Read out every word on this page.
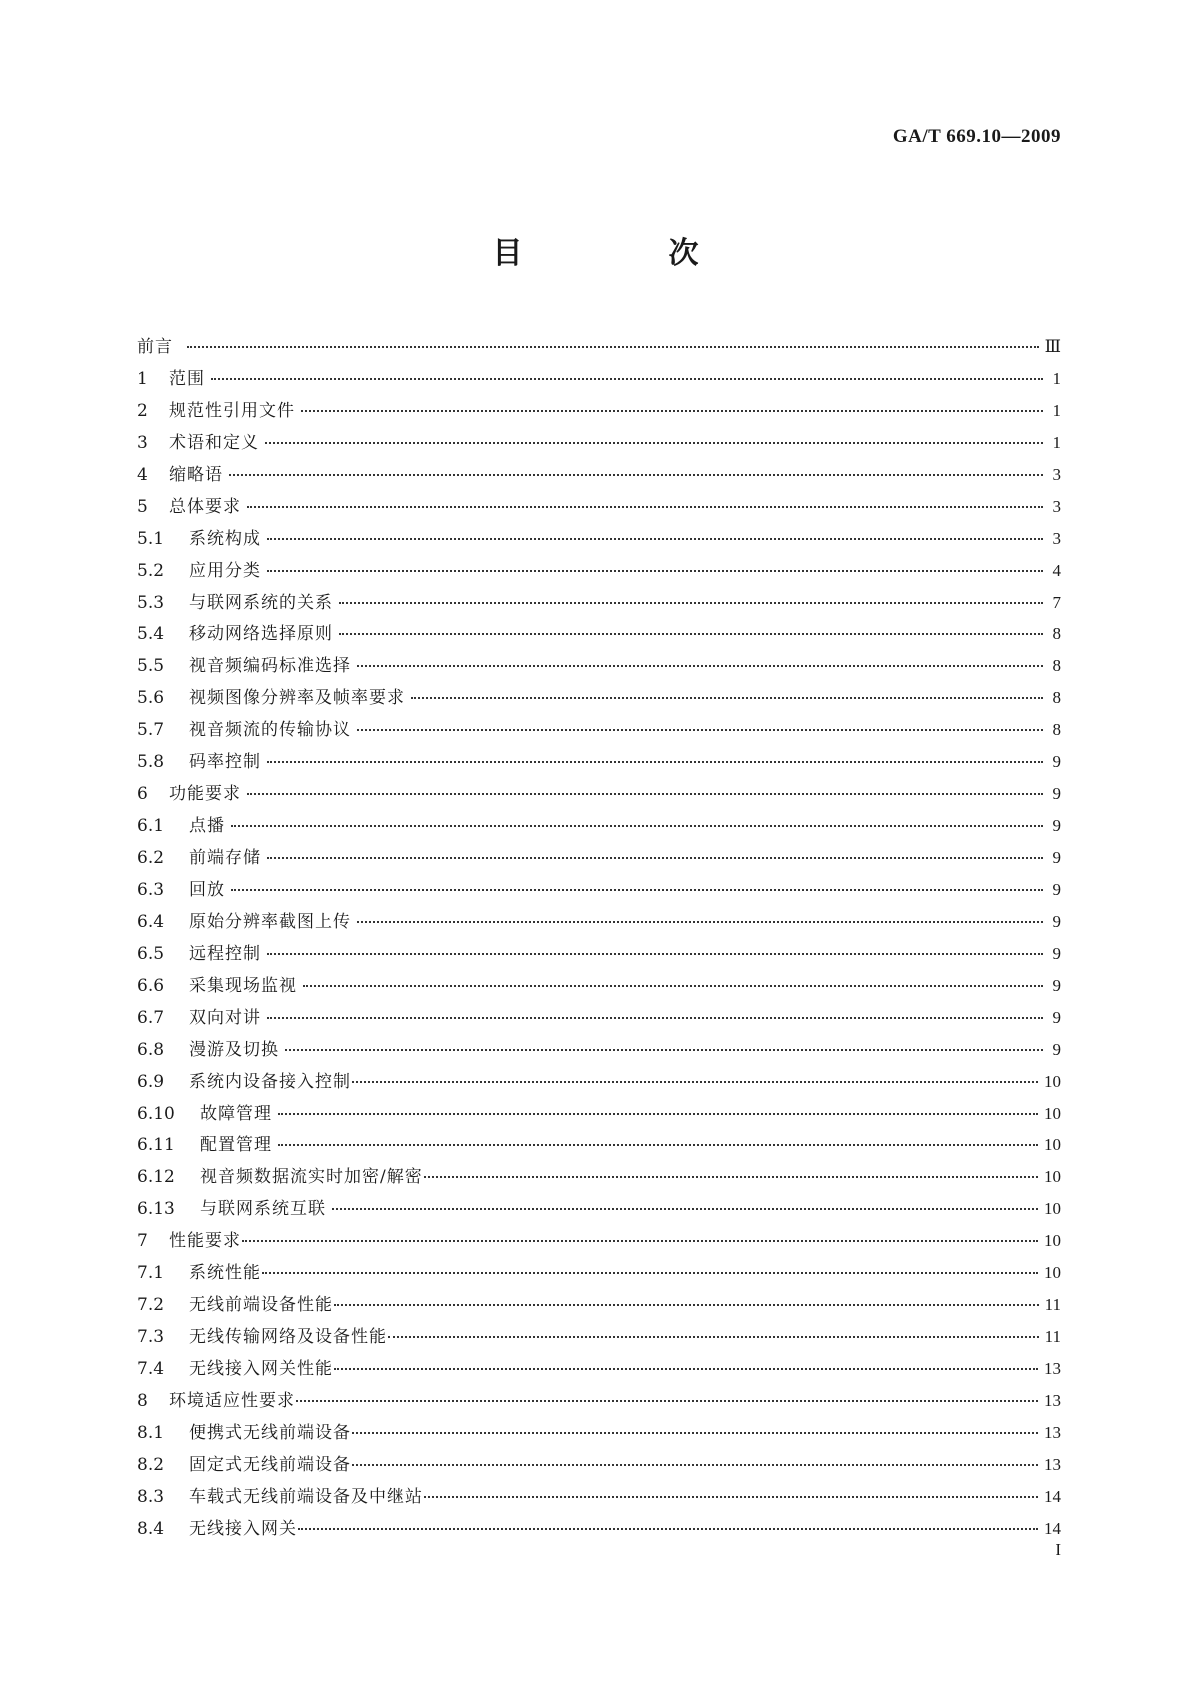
GA/T 669.10—2009
目　次
前言	Ⅲ
1	范围	1
2	规范性引用文件	1
3	术语和定义	1
4	缩略语	3
5	总体要求	3
5.1	系统构成	3
5.2	应用分类	4
5.3	与联网系统的关系	7
5.4	移动网络选择原则	8
5.5	视音频编码标准选择	8
5.6	视频图像分辨率及帧率要求	8
5.7	视音频流的传输协议	8
5.8	码率控制	9
6	功能要求	9
6.1	点播	9
6.2	前端存储	9
6.3	回放	9
6.4	原始分辨率截图上传	9
6.5	远程控制	9
6.6	采集现场监视	9
6.7	双向对讲	9
6.8	漫游及切换	9
6.9	系统内设备接入控制	10
6.10	故障管理	10
6.11	配置管理	10
6.12	视音频数据流实时加密/解密	10
6.13	与联网系统互联	10
7	性能要求	10
7.1	系统性能	10
7.2	无线前端设备性能	11
7.3	无线传输网络及设备性能	11
7.4	无线接入网关性能	13
8	环境适应性要求	13
8.1	便携式无线前端设备	13
8.2	固定式无线前端设备	13
8.3	车载式无线前端设备及中继站	14
8.4	无线接入网关	14
I
